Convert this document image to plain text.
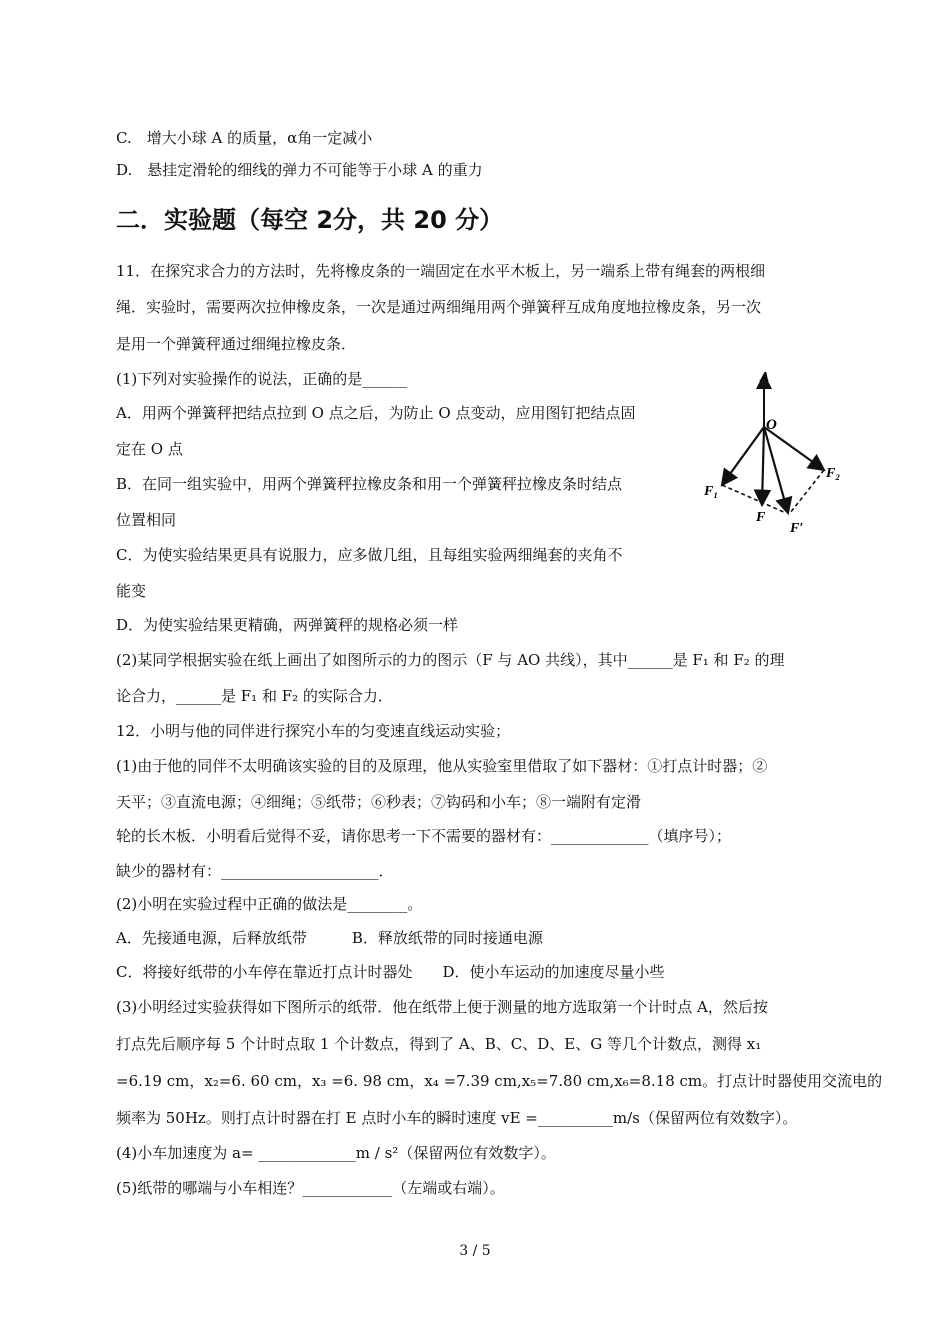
C.　增大小球 A 的质量，α角一定减小
D.　悬挂定滑轮的细线的弹力不可能等于小球 A 的重力
二．实验题（每空 2分，共 20 分）
11．在探究求合力的方法时，先将橡皮条的一端固定在水平木板上，另一端系上带有绳套的两根细
绳．实验时，需要两次拉伸橡皮条，一次是通过两细绳用两个弹簧秤互成角度地拉橡皮条，另一次
是用一个弹簧秤通过细绳拉橡皮条．
(1)下列对实验操作的说法，正确的是______
A．用两个弹簧秤把结点拉到 O 点之后，为防止 O 点变动，应用图钉把结点固
定在 O 点
B．在同一组实验中，用两个弹簧秤拉橡皮条和用一个弹簧秤拉橡皮条时结点
位置相同
C．为使实验结果更具有说服力，应多做几组，且每组实验两细绳套的夹角不
能变
D．为使实验结果更精确，两弹簧秤的规格必须一样
(2)某同学根据实验在纸上画出了如图所示的力的图示（F 与 AO 共线），其中______是 F₁ 和 F₂ 的理
论合力，______是 F₁ 和 F₂ 的实际合力．
A
O
F₁
F₂
F
F′
12．小明与他的同伴进行探究小车的匀变速直线运动实验；
(1)由于他的同伴不太明确该实验的目的及原理，他从实验室里借取了如下器材：①打点计时器；②
天平；③直流电源；④细绳；⑤纸带；⑥秒表；⑦钩码和小车；⑧一端附有定滑
轮的长木板．小明看后觉得不妥，请你思考一下不需要的器材有：_____________（填序号）；
缺少的器材有：_____________________．
(2)小明在实验过程中正确的做法是________。
A．先接通电源，后释放纸带　　　B．释放纸带的同时接通电源
C．将接好纸带的小车停在靠近打点计时器处　　D．使小车运动的加速度尽量小些
(3)小明经过实验获得如下图所示的纸带．他在纸带上便于测量的地方选取第一个计时点 A，然后按
打点先后顺序每 5 个计时点取 1 个计数点，得到了 A、B、C、D、E、G 等几个计数点，测得 x₁
=6.19 cm，x₂=6. 60 cm，x₃ =6. 98 cm，x₄ =7.39 cm,x₅=7.80 cm,x₆=8.18 cm。打点计时器使用交流电的
频率为 50Hz。则打点计时器在打 E 点时小车的瞬时速度 vE =__________m/s（保留两位有效数字）。
(4)小车加速度为 a= _____________m / s²（保留两位有效数字）。
(5)纸带的哪端与小车相连？____________（左端或右端）。
3 / 5
